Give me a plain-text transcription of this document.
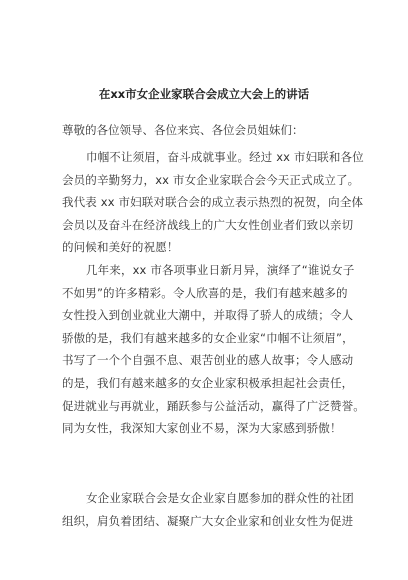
在xx市女企业家联合会成立大会上的讲话
尊敬的各位领导、各位来宾、各位会员姐妹们：
巾帼不让须眉，奋斗成就事业。经过 xx 市妇联和各位
会员的辛勤努力，xx 市女企业家联合会今天正式成立了。
我代表 xx 市妇联对联合会的成立表示热烈的祝贺，向全体
会员以及奋斗在经济战线上的广大女性创业者们致以亲切
的问候和美好的祝愿！
几年来，xx 市各项事业日新月异，演绎了“谁说女子
不如男”的许多精彩。令人欣喜的是，我们有越来越多的
女性投入到创业就业大潮中，并取得了骄人的成绩；令人
骄傲的是，我们有越来越多的女企业家“巾帼不让须眉”，
书写了一个个自强不息、艰苦创业的感人故事；令人感动
的是，我们有越来越多的女企业家积极承担起社会责任，
促进就业与再就业，踊跃参与公益活动，赢得了广泛赞誉。
同为女性，我深知大家创业不易，深为大家感到骄傲！
女企业家联合会是女企业家自愿参加的群众性的社团
组织，肩负着团结、凝聚广大女企业家和创业女性为促进
